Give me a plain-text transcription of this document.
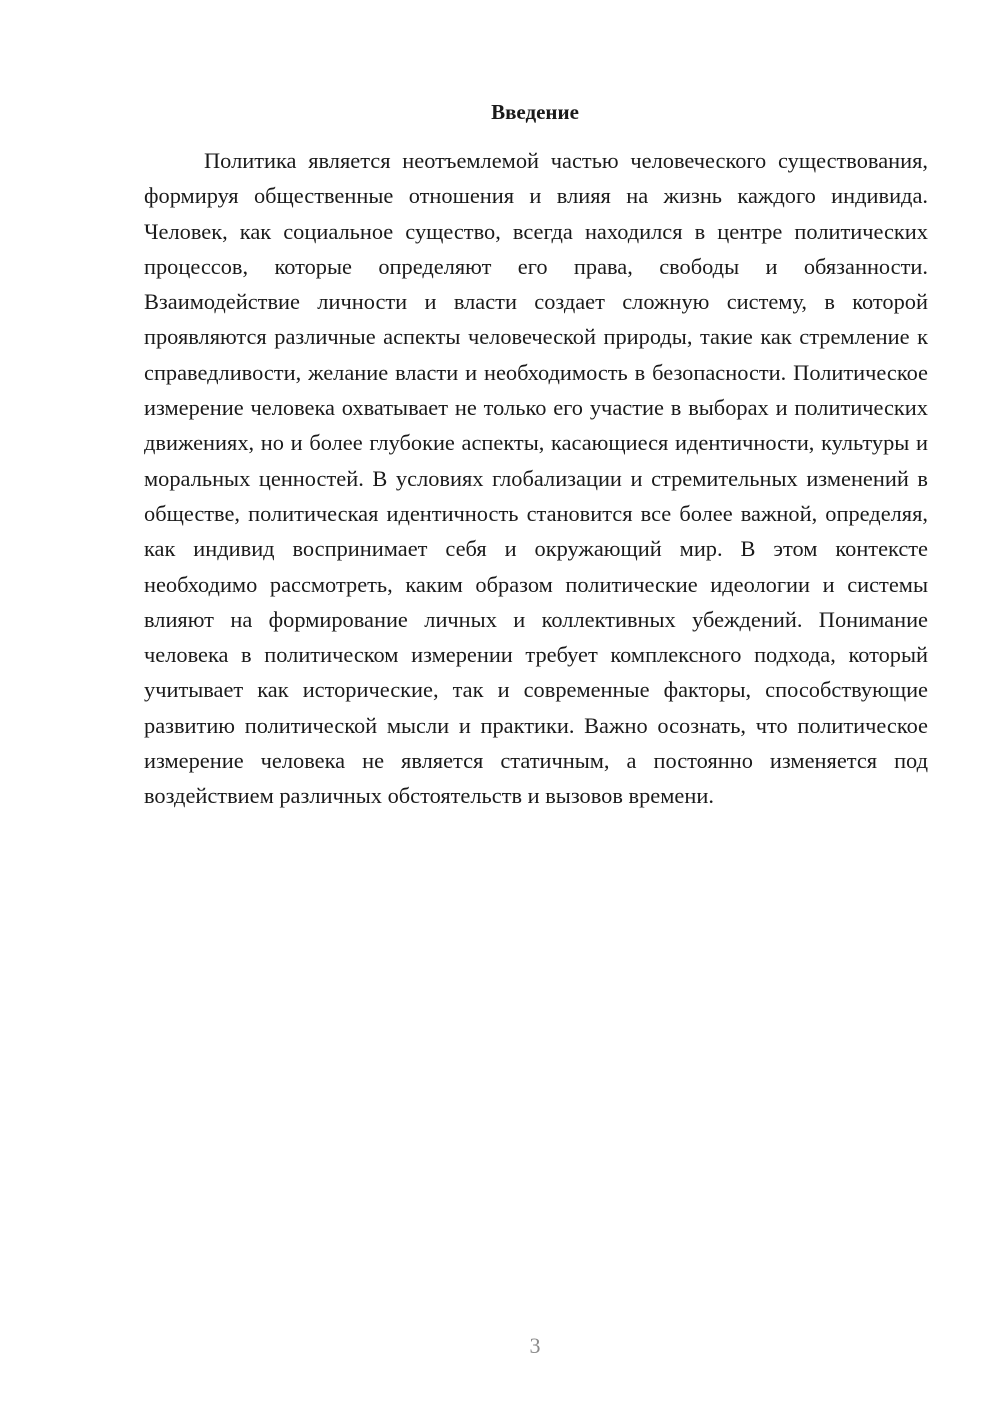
Введение

Политика является неотъемлемой частью человеческого существования, формируя общественные отношения и влияя на жизнь каждого индивида. Человек, как социальное существо, всегда находился в центре политических процессов, которые определяют его права, свободы и обязанности. Взаимодействие личности и власти создает сложную систему, в которой проявляются различные аспекты человеческой природы, такие как стремление к справедливости, желание власти и необходимость в безопасности. Политическое измерение человека охватывает не только его участие в выборах и политических движениях, но и более глубокие аспекты, касающиеся идентичности, культуры и моральных ценностей. В условиях глобализации и стремительных изменений в обществе, политическая идентичность становится все более важной, определяя, как индивид воспринимает себя и окружающий мир. В этом контексте необходимо рассмотреть, каким образом политические идеологии и системы влияют на формирование личных и коллективных убеждений. Понимание человека в политическом измерении требует комплексного подхода, который учитывает как исторические, так и современные факторы, способствующие развитию политической мысли и практики. Важно осознать, что политическое измерение человека не является статичным, а постоянно изменяется под воздействием различных обстоятельств и вызовов времени.

3
